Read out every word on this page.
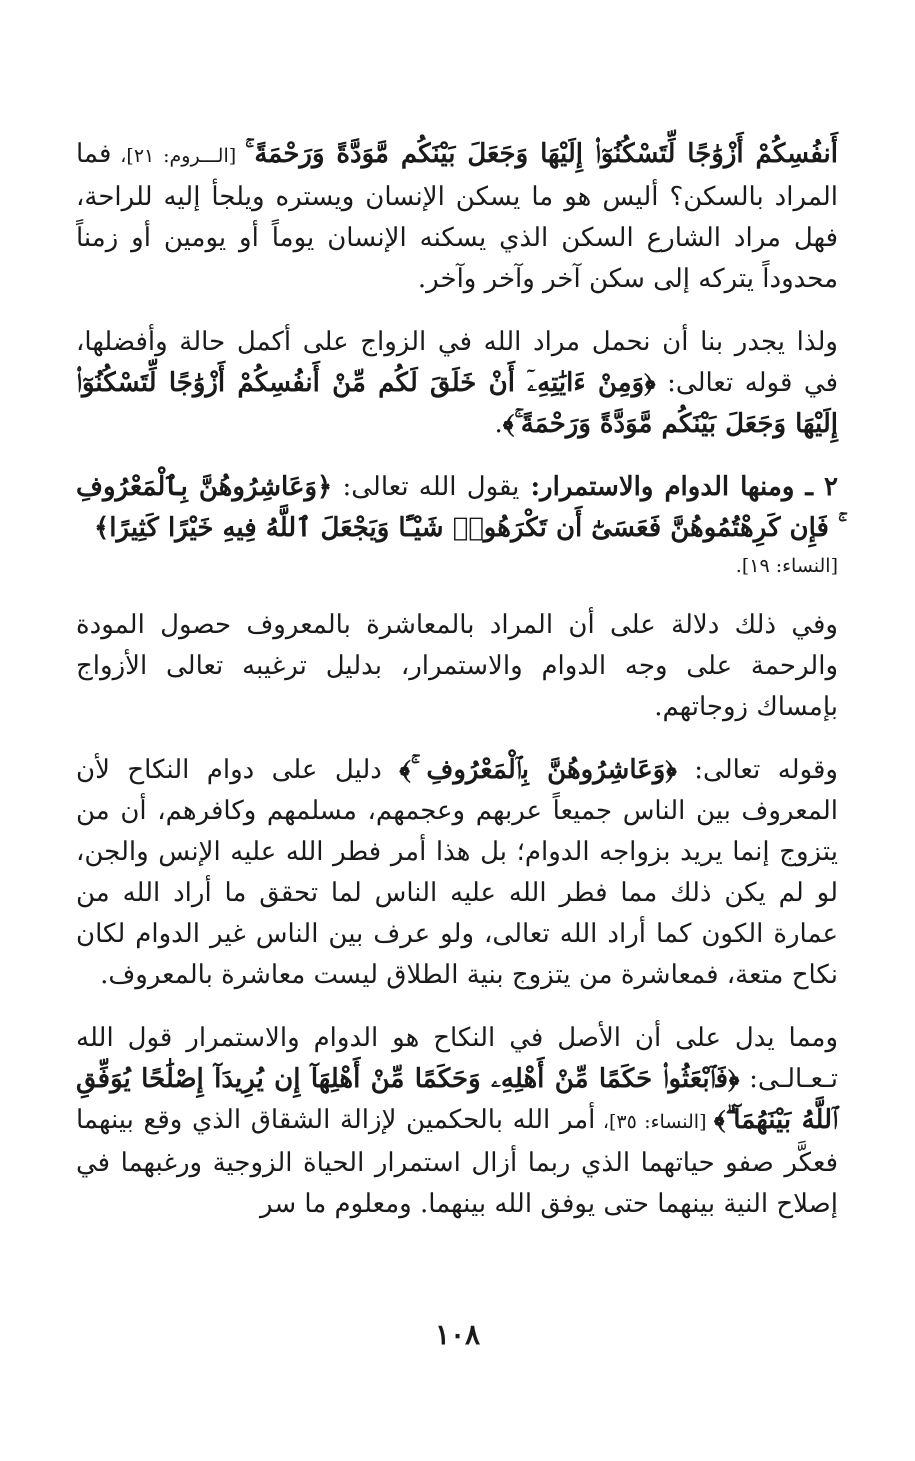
أَنفُسِكُمْ أَزْوَٰجًا لِّتَسْكُنُوٓا۟ إِلَيْهَا وَجَعَلَ بَيْنَكُم مَّوَدَّةً وَرَحْمَةً ۚ [الـــروم: ٢١]، فما المراد بالسكن؟ أليس هو ما يسكن الإنسان ويستره ويلجأ إليه للراحة، فهل مراد الشارع السكن الذي يسكنه الإنسان يوماً أو يومين أو زمناً محدوداً يتركه إلى سكن آخر وآخر وآخر.

ولذا يجدر بنا أن نحمل مراد الله في الزواج على أكمل حالة وأفضلها، في قوله تعالى: ﴿وَمِنْ ءَايَٰتِهِۦٓ أَنْ خَلَقَ لَكُم مِّنْ أَنفُسِكُمْ أَزْوَٰجًا لِّتَسْكُنُوٓا۟ إِلَيْهَا وَجَعَلَ بَيْنَكُم مَّوَدَّةً وَرَحْمَةً ۚ﴾.

٢ ـ ومنها الدوام والاستمرار: يقول الله تعالى: ﴿وَعَاشِرُوهُنَّ بِٱلْمَعْرُوفِ ۚ فَإِن كَرِهْتُمُوهُنَّ فَعَسَىٰٓ أَن تَكْرَهُوا۟ شَيْـًٔا وَيَجْعَلَ ٱللَّهُ فِيهِ خَيْرًا كَثِيرًا﴾
[النساء: ١٩].

وفي ذلك دلالة على أن المراد بالمعاشرة بالمعروف حصول المودة والرحمة على وجه الدوام والاستمرار، بدليل ترغيبه تعالى الأزواج بإمساك زوجاتهم.

وقوله تعالى: ﴿وَعَاشِرُوهُنَّ بِٱلْمَعْرُوفِ ۚ﴾ دليل على دوام النكاح لأن المعروف بين الناس جميعاً عربهم وعجمهم، مسلمهم وكافرهم، أن من يتزوج إنما يريد بزواجه الدوام؛ بل هذا أمر فطر الله عليه الإنس والجن، لو لم يكن ذلك مما فطر الله عليه الناس لما تحقق ما أراد الله من عمارة الكون كما أراد الله تعالى، ولو عرف بين الناس غير الدوام لكان نكاح متعة، فمعاشرة من يتزوج بنية الطلاق ليست معاشرة بالمعروف.

ومما يدل على أن الأصل في النكاح هو الدوام والاستمرار قول الله تـعـالـى: ﴿فَٱبْعَثُوا۟ حَكَمًا مِّنْ أَهْلِهِۦ وَحَكَمًا مِّنْ أَهْلِهَآ إِن يُرِيدَآ إِصْلَٰحًا يُوَفِّقِ ٱللَّهُ بَيْنَهُمَآ ۗ﴾ [النساء: ٣٥]، أمر الله بالحكمين لإزالة الشقاق الذي وقع بينهما فعكَّر صفو حياتهما الذي ربما أزال استمرار الحياة الزوجية ورغبهما في إصلاح النية بينهما حتى يوفق الله بينهما. ومعلوم ما سر

١٠٨
